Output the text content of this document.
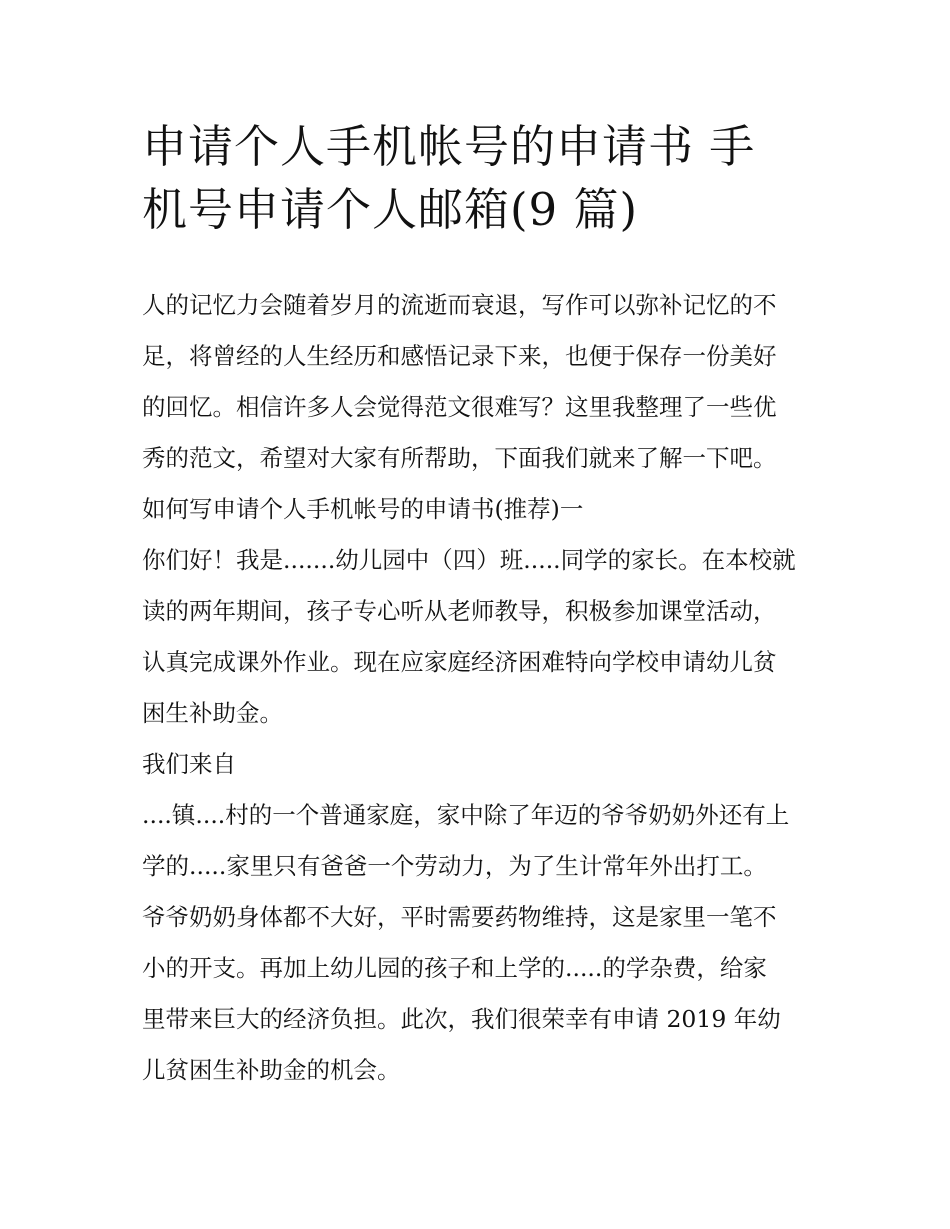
申请个人手机帐号的申请书 手
机号申请个人邮箱(9 篇)

人的记忆力会随着岁月的流逝而衰退，写作可以弥补记忆的不
足，将曾经的人生经历和感悟记录下来，也便于保存一份美好
的回忆。相信许多人会觉得范文很难写？这里我整理了一些优
秀的范文，希望对大家有所帮助，下面我们就来了解一下吧。

如何写申请个人手机帐号的申请书(推荐)一

你们好！我是.......幼儿园中（四）班.....同学的家长。在本校就
读的两年期间，孩子专心听从老师教导，积极参加课堂活动，
认真完成课外作业。现在应家庭经济困难特向学校申请幼儿贫
困生补助金。

我们来自

....镇....村的一个普通家庭，家中除了年迈的爷爷奶奶外还有上
学的.....家里只有爸爸一个劳动力，为了生计常年外出打工。

爷爷奶奶身体都不大好，平时需要药物维持，这是家里一笔不
小的开支。再加上幼儿园的孩子和上学的.....的学杂费，给家
里带来巨大的经济负担。此次，我们很荣幸有申请 2019 年幼
儿贫困生补助金的机会。
